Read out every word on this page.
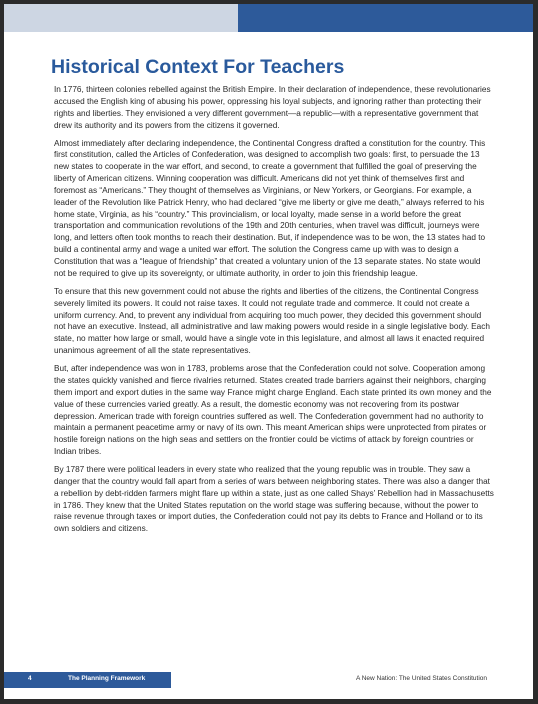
Historical Context For Teachers

In 1776, thirteen colonies rebelled against the British Empire. In their declaration of independence, these revolutionaries accused the English king of abusing his power, oppressing his loyal subjects, and ignoring rather than protecting their rights and liberties. They envisioned a very different government—a republic—with a representative government that drew its authority and its powers from the citizens it governed.

Almost immediately after declaring independence, the Continental Congress drafted a constitution for the country. This first constitution, called the Articles of Confederation, was designed to accomplish two goals: first, to persuade the 13 new states to cooperate in the war effort, and second, to create a government that fulfilled the goal of preserving the liberty of American citizens. Winning cooperation was difficult. Americans did not yet think of themselves first and foremost as “Americans.” They thought of themselves as Virginians, or New Yorkers, or Georgians. For example, a leader of the Revolution like Patrick Henry, who had declared “give me liberty or give me death,” always referred to his home state, Virginia, as his “country.” This provincialism, or local loyalty, made sense in a world before the great transportation and communication revolutions of the 19th and 20th centuries, when travel was difficult, journeys were long, and letters often took months to reach their destination. But, if independence was to be won, the 13 states had to build a continental army and wage a united war effort. The solution the Congress came up with was to design a Constitution that was a “league of friendship” that created a voluntary union of the 13 separate states. No state would not be required to give up its sovereignty, or ultimate authority, in order to join this friendship league.

To ensure that this new government could not abuse the rights and liberties of the citizens, the Continental Congress severely limited its powers. It could not raise taxes. It could not regulate trade and commerce. It could not create a uniform currency. And, to prevent any individual from acquiring too much power, they decided this government should not have an executive. Instead, all administrative and law making powers would reside in a single legislative body. Each state, no matter how large or small, would have a single vote in this legislature, and almost all laws it enacted required unanimous agreement of all the state representatives.

But, after independence was won in 1783, problems arose that the Confederation could not solve. Cooperation among the states quickly vanished and fierce rivalries returned. States created trade barriers against their neighbors, charging them import and export duties in the same way France might charge England. Each state printed its own money and the value of these currencies varied greatly. As a result, the domestic economy was not recovering from its postwar depression. American trade with foreign countries suffered as well. The Confederation government had no authority to maintain a permanent peacetime army or navy of its own. This meant American ships were unprotected from pirates or hostile foreign nations on the high seas and settlers on the frontier could be victims of attack by foreign countries or Indian tribes.

By 1787 there were political leaders in every state who realized that the young republic was in trouble. They saw a danger that the country would fall apart from a series of wars between neighboring states. There was also a danger that a rebellion by debt-ridden farmers might flare up within a state, just as one called Shays’ Rebellion had in Massachusetts in 1786. They knew that the United States reputation on the world stage was suffering because, without the power to raise revenue through taxes or import duties, the Confederation could not pay its debts to France and Holland or to its own soldiers and citizens.

4	The Planning Framework	A New Nation: The United States Constitution
